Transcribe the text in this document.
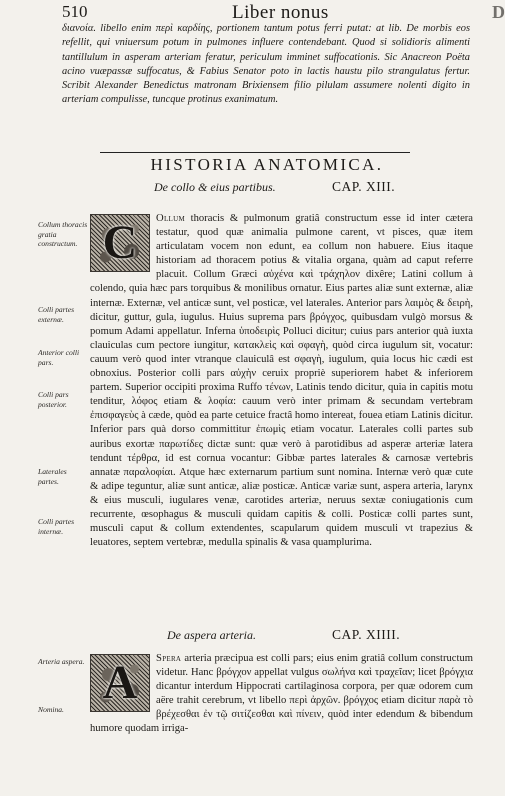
510	Liber nonus	D
διανοία. libello enim περὶ καρδίης, portionem tantum potus ferri putat: at lib. De morbis eos refellit, qui vniuersum potum in pulmones influere contendebant. Quod si solidioris alimenti tantillulum in asperam arteriam feratur, periculum imminet suffocationis. Sic Anacreon Poëta acino vuæpassæ suffocatus, & Fabius Senator poto in lactis haustu pilo strangulatus fertur. Scribit Alexander Benedictus matronam Brixiensem filio pilulam assumere nolenti digito in arteriam compulisse, tuncque protinus exanimatum.
HISTORIA ANATOMICA.
De collo & eius partibus.	CAP. XIII.
Collum thoracis gratia constructum.
Colli partes externæ.
Anterior colli pars.
Colli pars posterior.
Laterales partes.
Colli partes internæ.
C Ollum thoracis & pulmonum gratiâ constructum esse id inter cætera testatur, quod quæ animalia pulmone carent, vt pisces, quæ item articulatam vocem non edunt, ea collum non habuere. Eius itaque historiam ad thoracem potius & vitalia organa, quàm ad caput referre placuit. Collum Græci αὐχένα καὶ τράχηλον dixêre; Latini collum à colendo, quia hæc pars torquibus & monilibus ornatur. Eius partes aliæ sunt externæ, aliæ internæ. Externæ, vel anticæ sunt, vel posticæ, vel laterales. Anterior pars λαιμὸς & δειρὴ, dicitur, guttur, gula, iugulus. Huius suprema pars βρόγχος, quibusdam vulgò morsus & pomum Adami appellatur. Inferna ὑποδειρὶς Polluci dicitur; cuius pars anterior quà iuxta clauiculas cum pectore iungitur, κατακλεὶς καὶ σφαγὴ, quòd circa iugulum sit, vocatur: cauum verò quod inter vtranque clauiculâ est σφαγὴ, iugulum, quia locus hic cædi est obnoxius. Posterior colli pars αὐχὴν ceruix propriè superiorem habet & inferiorem partem. Superior occipiti proxima Ruffo τένων, Latinis tendo dicitur, quia in capitis motu tenditur, λόφος etiam & λοφία: cauum verò inter primam & secundam vertebram ἐπισφαγεὺς à cæde, quòd ea parte cetuice fractâ homo intereat, fouea etiam Latinis dicitur. Inferior pars quà dorso committitur ἐπωμὶς etiam vocatur. Laterales colli partes sub auribus exortæ παρωτίδες dictæ sunt: quæ verò à parotidibus ad asperæ arteriæ latera tendunt τέρθρα, id est cornua vocantur: Gibbæ partes laterales & carnosæ vertebris annatæ παραλοφίαι. Atque hæc externarum partium sunt nomina. Internæ verò quæ cute & adipe teguntur, aliæ sunt anticæ, aliæ posticæ. Anticæ variæ sunt, aspera arteria, larynx & eius musculi, iugulares venæ, carotides arteriæ, neruus sextæ coniugationis cum recurrente, œsophagus & musculi quidam capitis & colli. Posticæ colli partes sunt, musculi caput & collum extendentes, scapularum quidem musculi vt trapezius & leuatores, septem vertebræ, medulla spinalis & vasa quamplurima.
De aspera arteria.	CAP. XIIII.
Arteria aspera.
Nomina.
A Spera arteria præcipua est colli pars; eius enim gratiâ collum constructum videtur. Hanc βρόγχον appellat vulgus σωλήνα καὶ τραχεῖαν; licet βρόγχια dicantur interdum Hippocrati cartilaginosa corpora, per quæ odorem cum aëre trahit cerebrum, vt libello περὶ ἀρχῶν. βρόγχος etiam dicitur παρὰ τὸ βρέχεσθαι ἐν τῷ σιτίζεσθαι καὶ πίνειν, quòd inter edendum & bibendum humore quodam irriga-
